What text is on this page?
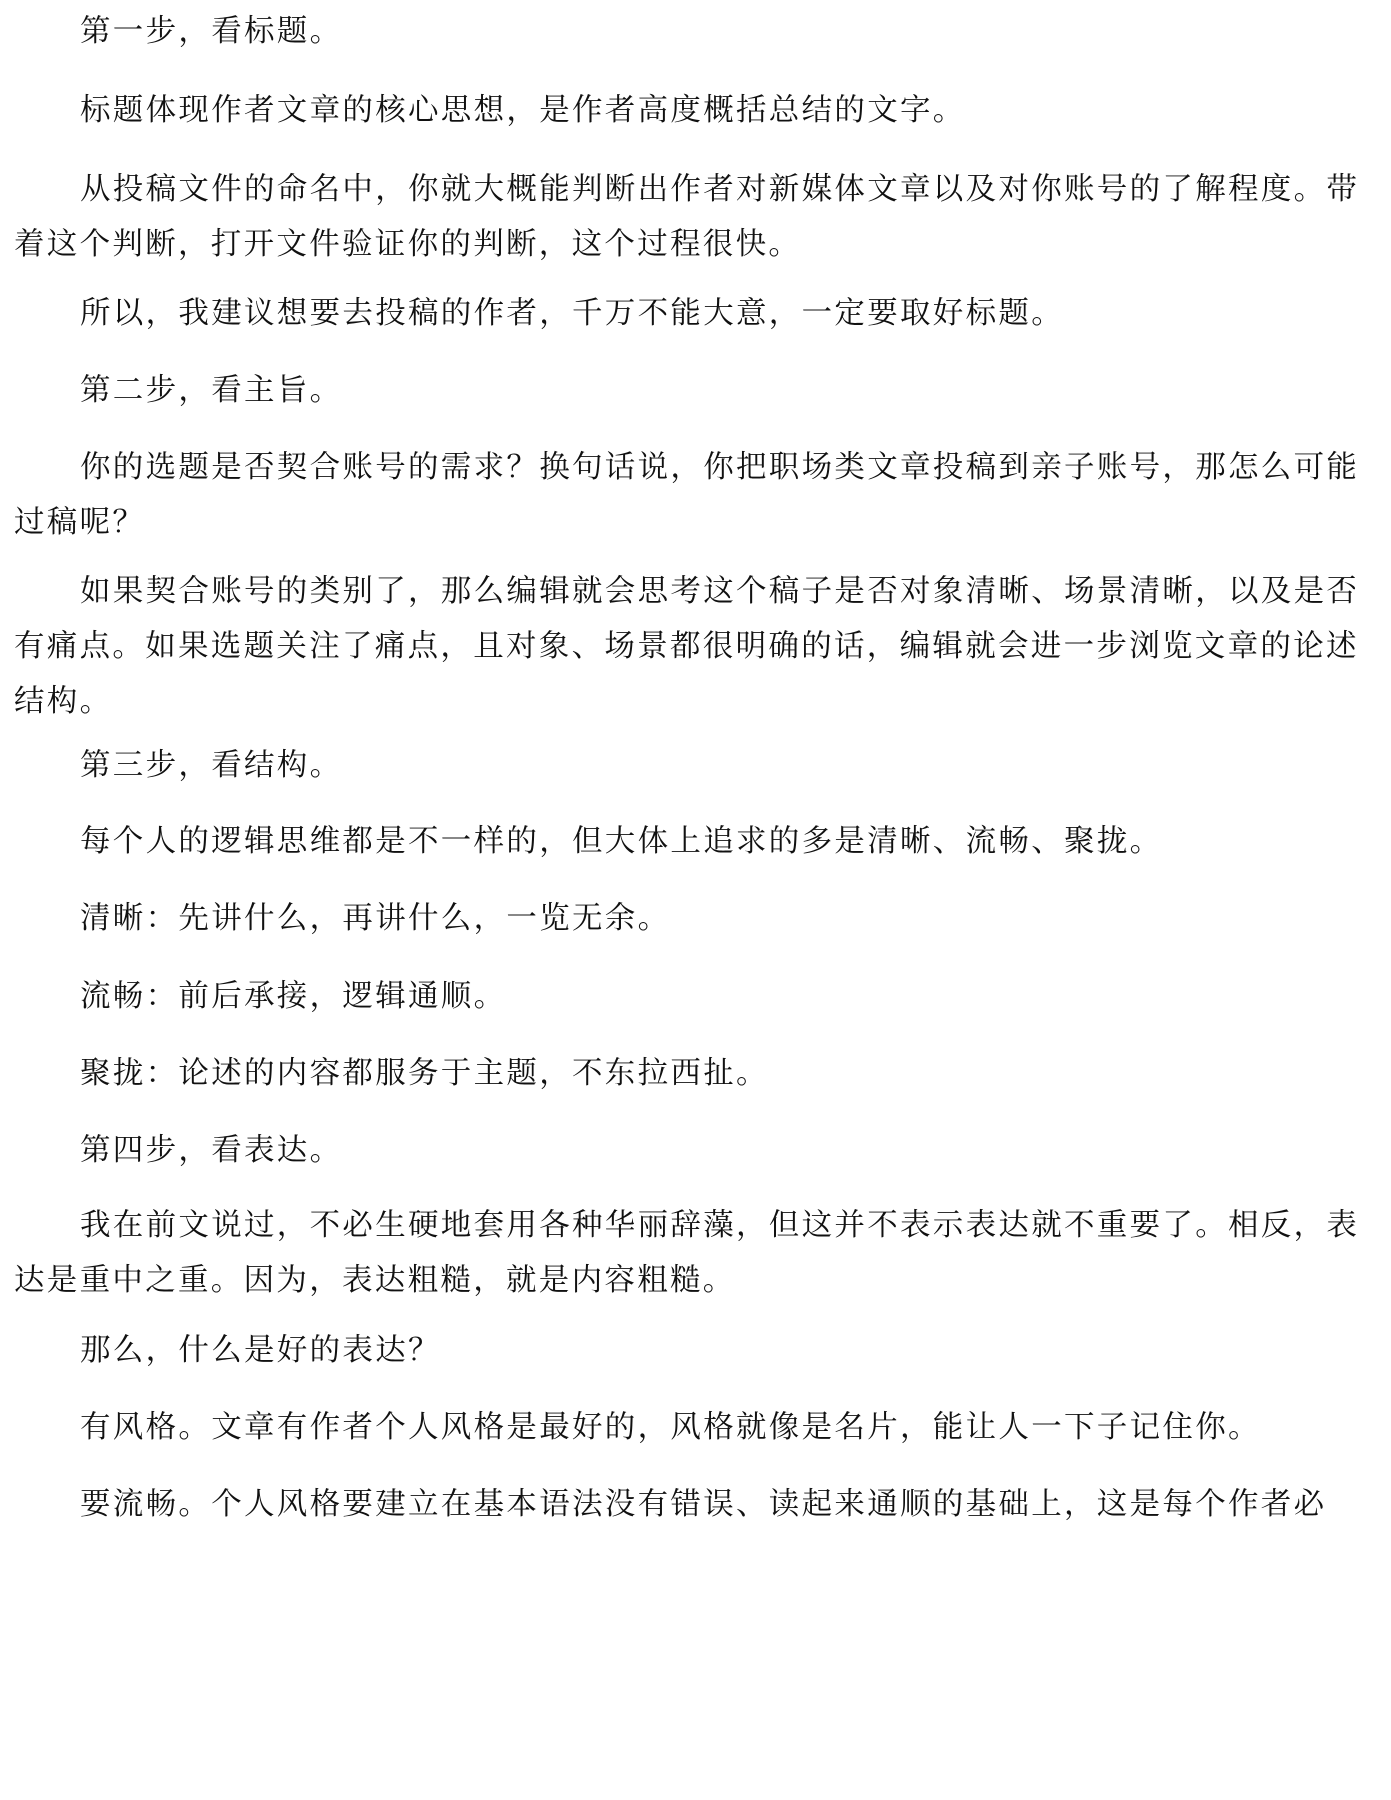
第一步，看标题。

标题体现作者文章的核心思想，是作者高度概括总结的文字。

从投稿文件的命名中，你就大概能判断出作者对新媒体文章以及对你账号的了解程度。带着这个判断，打开文件验证你的判断，这个过程很快。

所以，我建议想要去投稿的作者，千万不能大意，一定要取好标题。

第二步，看主旨。

你的选题是否契合账号的需求？换句话说，你把职场类文章投稿到亲子账号，那怎么可能过稿呢？

如果契合账号的类别了，那么编辑就会思考这个稿子是否对象清晰、场景清晰，以及是否有痛点。如果选题关注了痛点，且对象、场景都很明确的话，编辑就会进一步浏览文章的论述结构。

第三步，看结构。

每个人的逻辑思维都是不一样的，但大体上追求的多是清晰、流畅、聚拢。

清晰：先讲什么，再讲什么，一览无余。

流畅：前后承接，逻辑通顺。

聚拢：论述的内容都服务于主题，不东拉西扯。

第四步，看表达。

我在前文说过，不必生硬地套用各种华丽辞藻，但这并不表示表达就不重要了。相反，表达是重中之重。因为，表达粗糙，就是内容粗糙。

那么，什么是好的表达？

有风格。文章有作者个人风格是最好的，风格就像是名片，能让人一下子记住你。

要流畅。个人风格要建立在基本语法没有错误、读起来通顺的基础上，这是每个作者必
